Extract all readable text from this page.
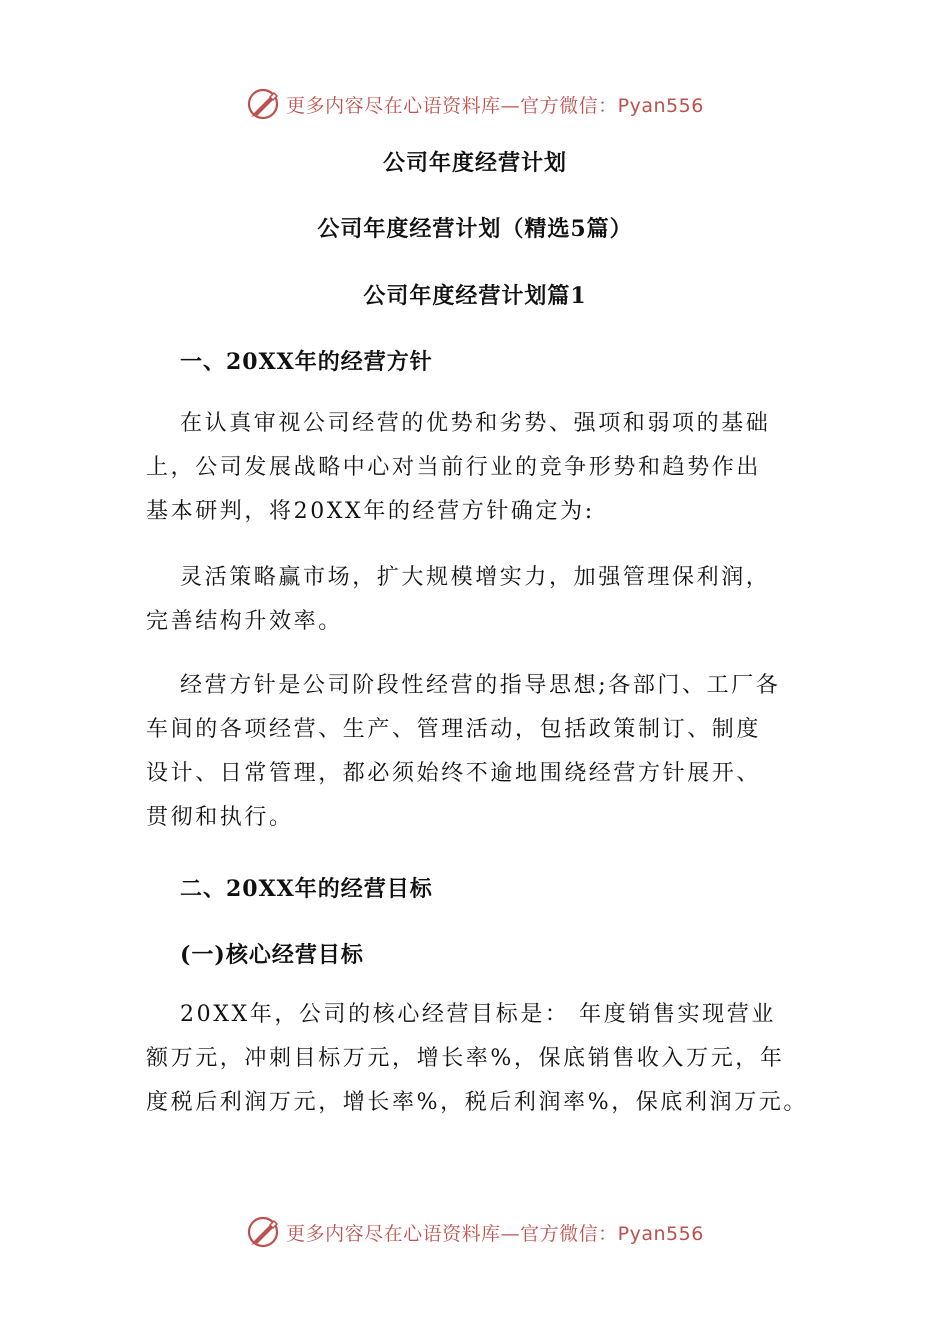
更多内容尽在心语资料库—官方微信：Pyan556
公司年度经营计划
公司年度经营计划（精选5篇）
公司年度经营计划篇1
一、20XX年的经营方针
在认真审视公司经营的优势和劣势、强项和弱项的基础
上，公司发展战略中心对当前行业的竞争形势和趋势作出
基本研判，将20XX年的经营方针确定为:
灵活策略赢市场，扩大规模增实力，加强管理保利润，
完善结构升效率。
经营方针是公司阶段性经营的指导思想;各部门、工厂各
车间的各项经营、生产、管理活动，包括政策制订、制度
设计、日常管理，都必须始终不逾地围绕经营方针展开、
贯彻和执行。
二、20XX年的经营目标
(一)核心经营目标
20XX年，公司的核心经营目标是： 年度销售实现营业
额万元，冲刺目标万元，增长率%，保底销售收入万元，年
度税后利润万元，增长率%，税后利润率%，保底利润万元。
更多内容尽在心语资料库—官方微信：Pyan556
